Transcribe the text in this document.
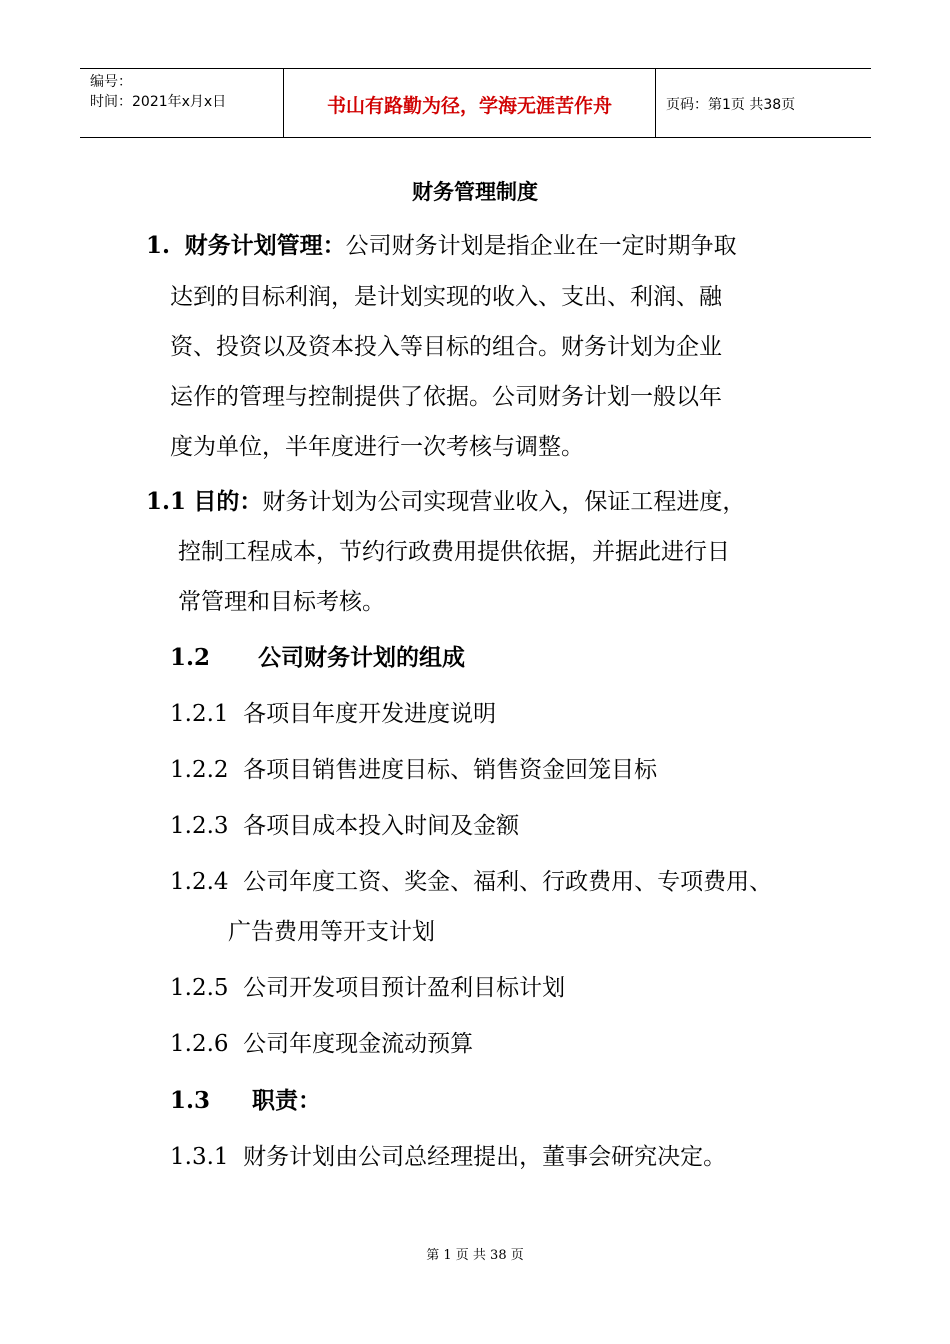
编号：
时间：2021年x月x日	书山有路勤为径，学海无涯苦作舟	页码：第1页 共38页
财务管理制度
1. 财务计划管理：公司财务计划是指企业在一定时期争取
达到的目标利润，是计划实现的收入、支出、利润、融
资、投资以及资本投入等目标的组合。财务计划为企业
运作的管理与控制提供了依据。公司财务计划一般以年
度为单位，半年度进行一次考核与调整。
1.1 目的：财务计划为公司实现营业收入，保证工程进度，
控制工程成本，节约行政费用提供依据，并据此进行日
常管理和目标考核。
1.2 公司财务计划的组成
1.2.1 各项目年度开发进度说明
1.2.2 各项目销售进度目标、销售资金回笼目标
1.2.3 各项目成本投入时间及金额
1.2.4 公司年度工资、奖金、福利、行政费用、专项费用、
广告费用等开支计划
1.2.5 公司开发项目预计盈利目标计划
1.2.6 公司年度现金流动预算
1.3 职责：
1.3.1 财务计划由公司总经理提出，董事会研究决定。
第 1 页 共 38 页
